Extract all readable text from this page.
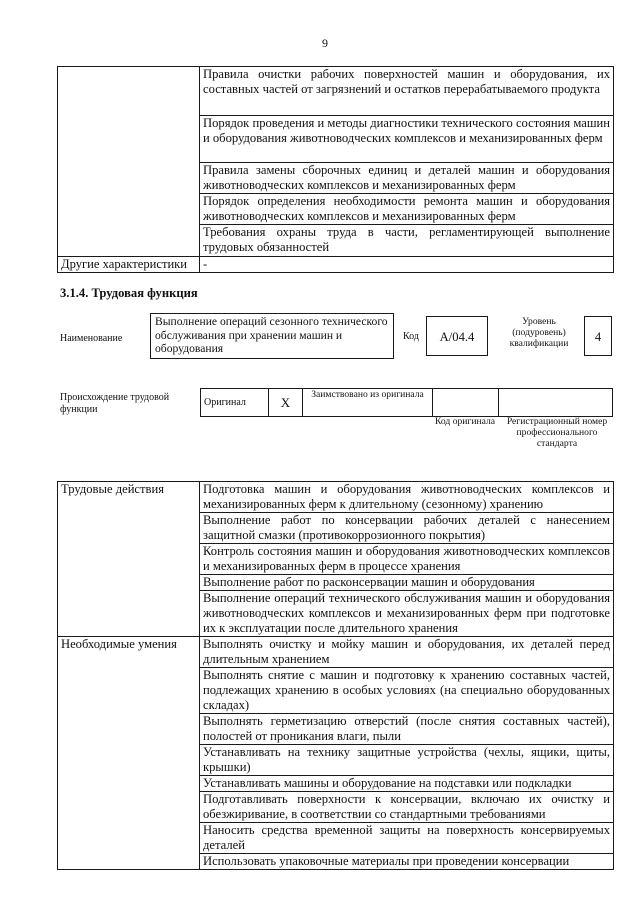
9
	Правила очистки рабочих поверхностей машин и оборудования, их составных частей от загрязнений и остатков перерабатываемого продукта
	Порядок проведения и методы диагностики технического состояния машин и оборудования животноводческих комплексов и механизированных ферм
	Правила замены сборочных единиц и деталей машин и оборудования животноводческих комплексов и механизированных ферм
	Порядок определения необходимости ремонта машин и оборудования животноводческих комплексов и механизированных ферм
	Требования охраны труда в части, регламентирующей выполнение трудовых обязанностей
Другие характеристики	-
3.1.4. Трудовая функция
Наименование
Выполнение операций сезонного технического обслуживания при хранении машин и оборудования
Код	А/04.4
Уровень (подуровень) квалификации	4
Происхождение трудовой функции
Оригинал	X	Заимствовано из оригинала		
Код оригинала	Регистрационный номер профессионального стандарта
Трудовые действия	Подготовка машин и оборудования животноводческих комплексов и механизированных ферм к длительному (сезонному) хранению
	Выполнение работ по консервации рабочих деталей с нанесением защитной смазки (противокоррозионного покрытия)
	Контроль состояния машин и оборудования животноводческих комплексов и механизированных ферм в процессе хранения
	Выполнение работ по расконсервации машин и оборудования
	Выполнение операций технического обслуживания машин и оборудования животноводческих комплексов и механизированных ферм при подготовке их к эксплуатации после длительного хранения
Необходимые умения	Выполнять очистку и мойку машин и оборудования, их деталей перед длительным хранением
	Выполнять снятие с машин и подготовку к хранению составных частей, подлежащих хранению в особых условиях (на специально оборудованных складах)
	Выполнять герметизацию отверстий (после снятия составных частей), полостей от проникания влаги, пыли
	Устанавливать на технику защитные устройства (чехлы, ящики, щиты, крышки)
	Устанавливать машины и оборудование на подставки или подкладки
	Подготавливать поверхности к консервации, включаю их очистку и обезжиривание, в соответствии со стандартными требованиями
	Наносить средства временной защиты на поверхность консервируемых деталей
	Использовать упаковочные материалы при проведении консервации
